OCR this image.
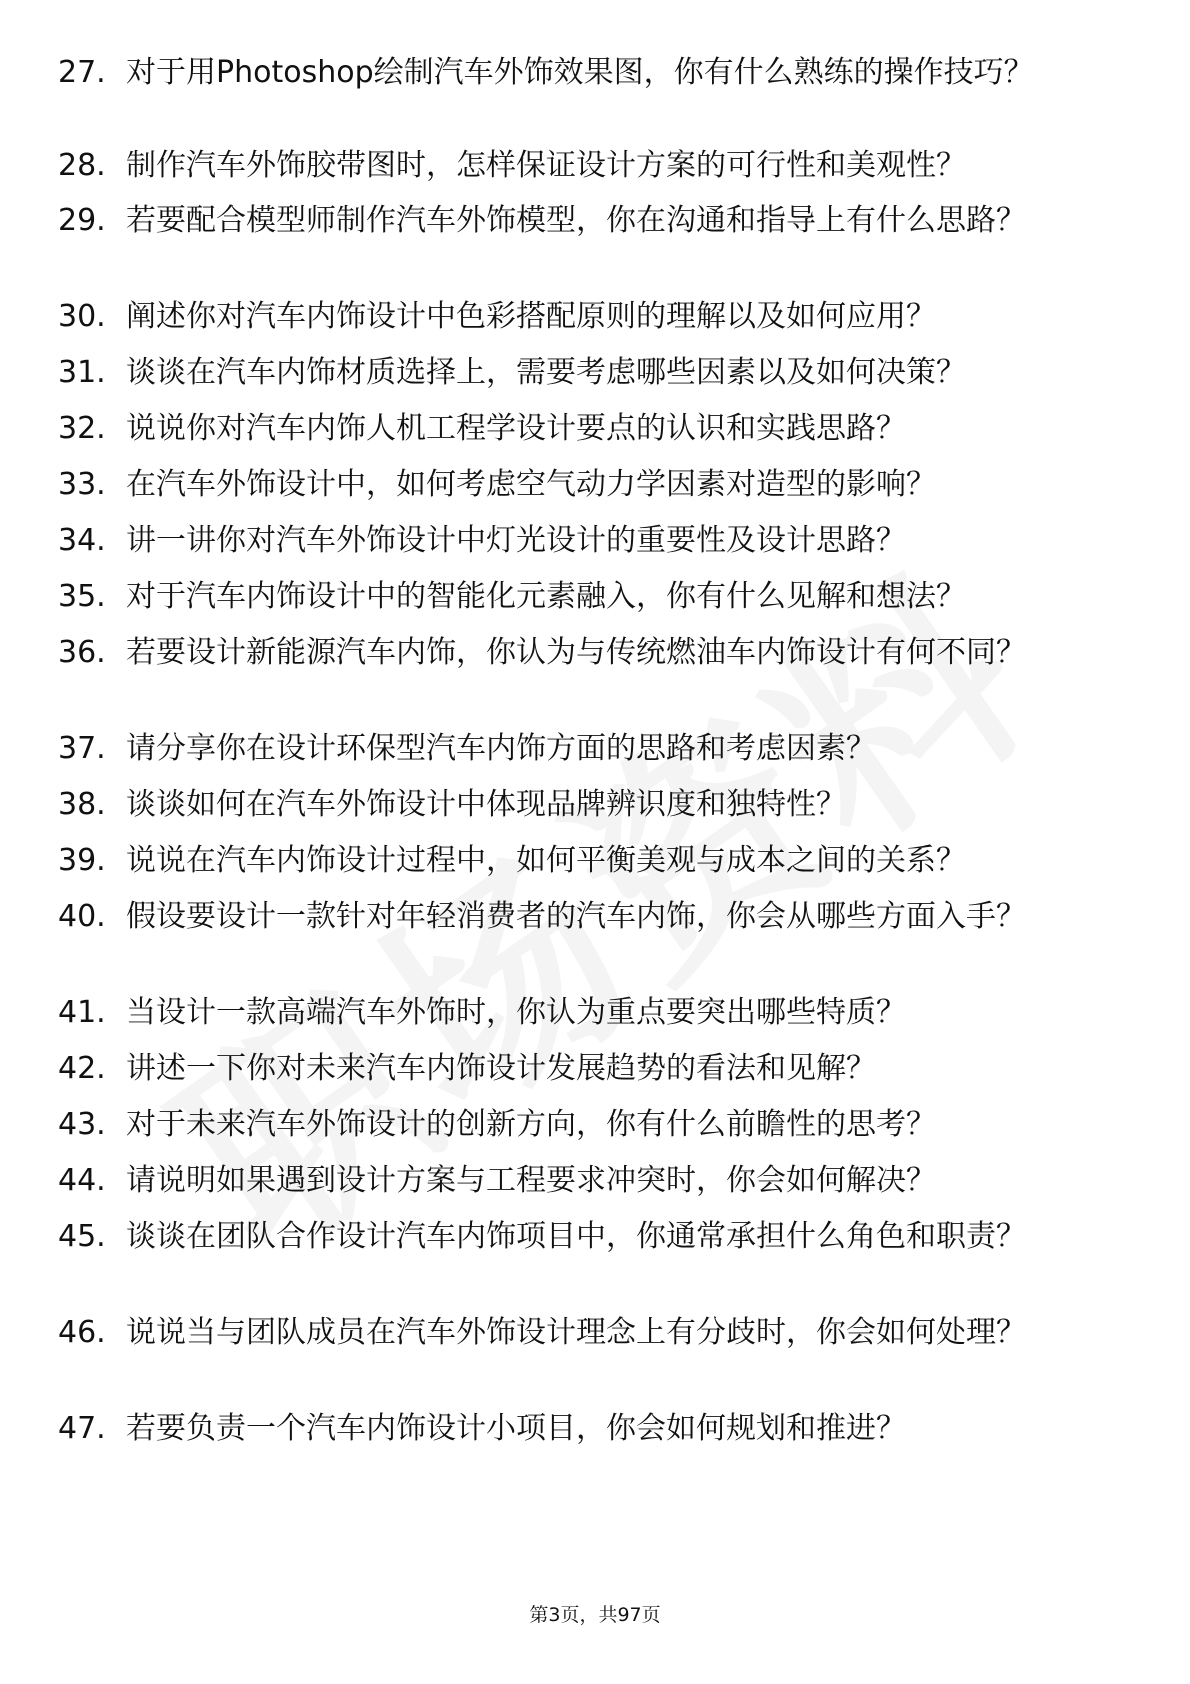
27. 对于用Photoshop绘制汽车外饰效果图，你有什么熟练的操作技巧？
28. 制作汽车外饰胶带图时，怎样保证设计方案的可行性和美观性？
29. 若要配合模型师制作汽车外饰模型，你在沟通和指导上有什么思路？
30. 阐述你对汽车内饰设计中色彩搭配原则的理解以及如何应用？
31. 谈谈在汽车内饰材质选择上，需要考虑哪些因素以及如何决策？
32. 说说你对汽车内饰人机工程学设计要点的认识和实践思路？
33. 在汽车外饰设计中，如何考虑空气动力学因素对造型的影响？
34. 讲一讲你对汽车外饰设计中灯光设计的重要性及设计思路？
35. 对于汽车内饰设计中的智能化元素融入，你有什么见解和想法？
36. 若要设计新能源汽车内饰，你认为与传统燃油车内饰设计有何不同？
37. 请分享你在设计环保型汽车内饰方面的思路和考虑因素？
38. 谈谈如何在汽车外饰设计中体现品牌辨识度和独特性？
39. 说说在汽车内饰设计过程中，如何平衡美观与成本之间的关系？
40. 假设要设计一款针对年轻消费者的汽车内饰，你会从哪些方面入手？
41. 当设计一款高端汽车外饰时，你认为重点要突出哪些特质？
42. 讲述一下你对未来汽车内饰设计发展趋势的看法和见解？
43. 对于未来汽车外饰设计的创新方向，你有什么前瞻性的思考？
44. 请说明如果遇到设计方案与工程要求冲突时，你会如何解决？
45. 谈谈在团队合作设计汽车内饰项目中，你通常承担什么角色和职责？
46. 说说当与团队成员在汽车外饰设计理念上有分歧时，你会如何处理？
47. 若要负责一个汽车内饰设计小项目，你会如何规划和推进？
第3页，共97页
